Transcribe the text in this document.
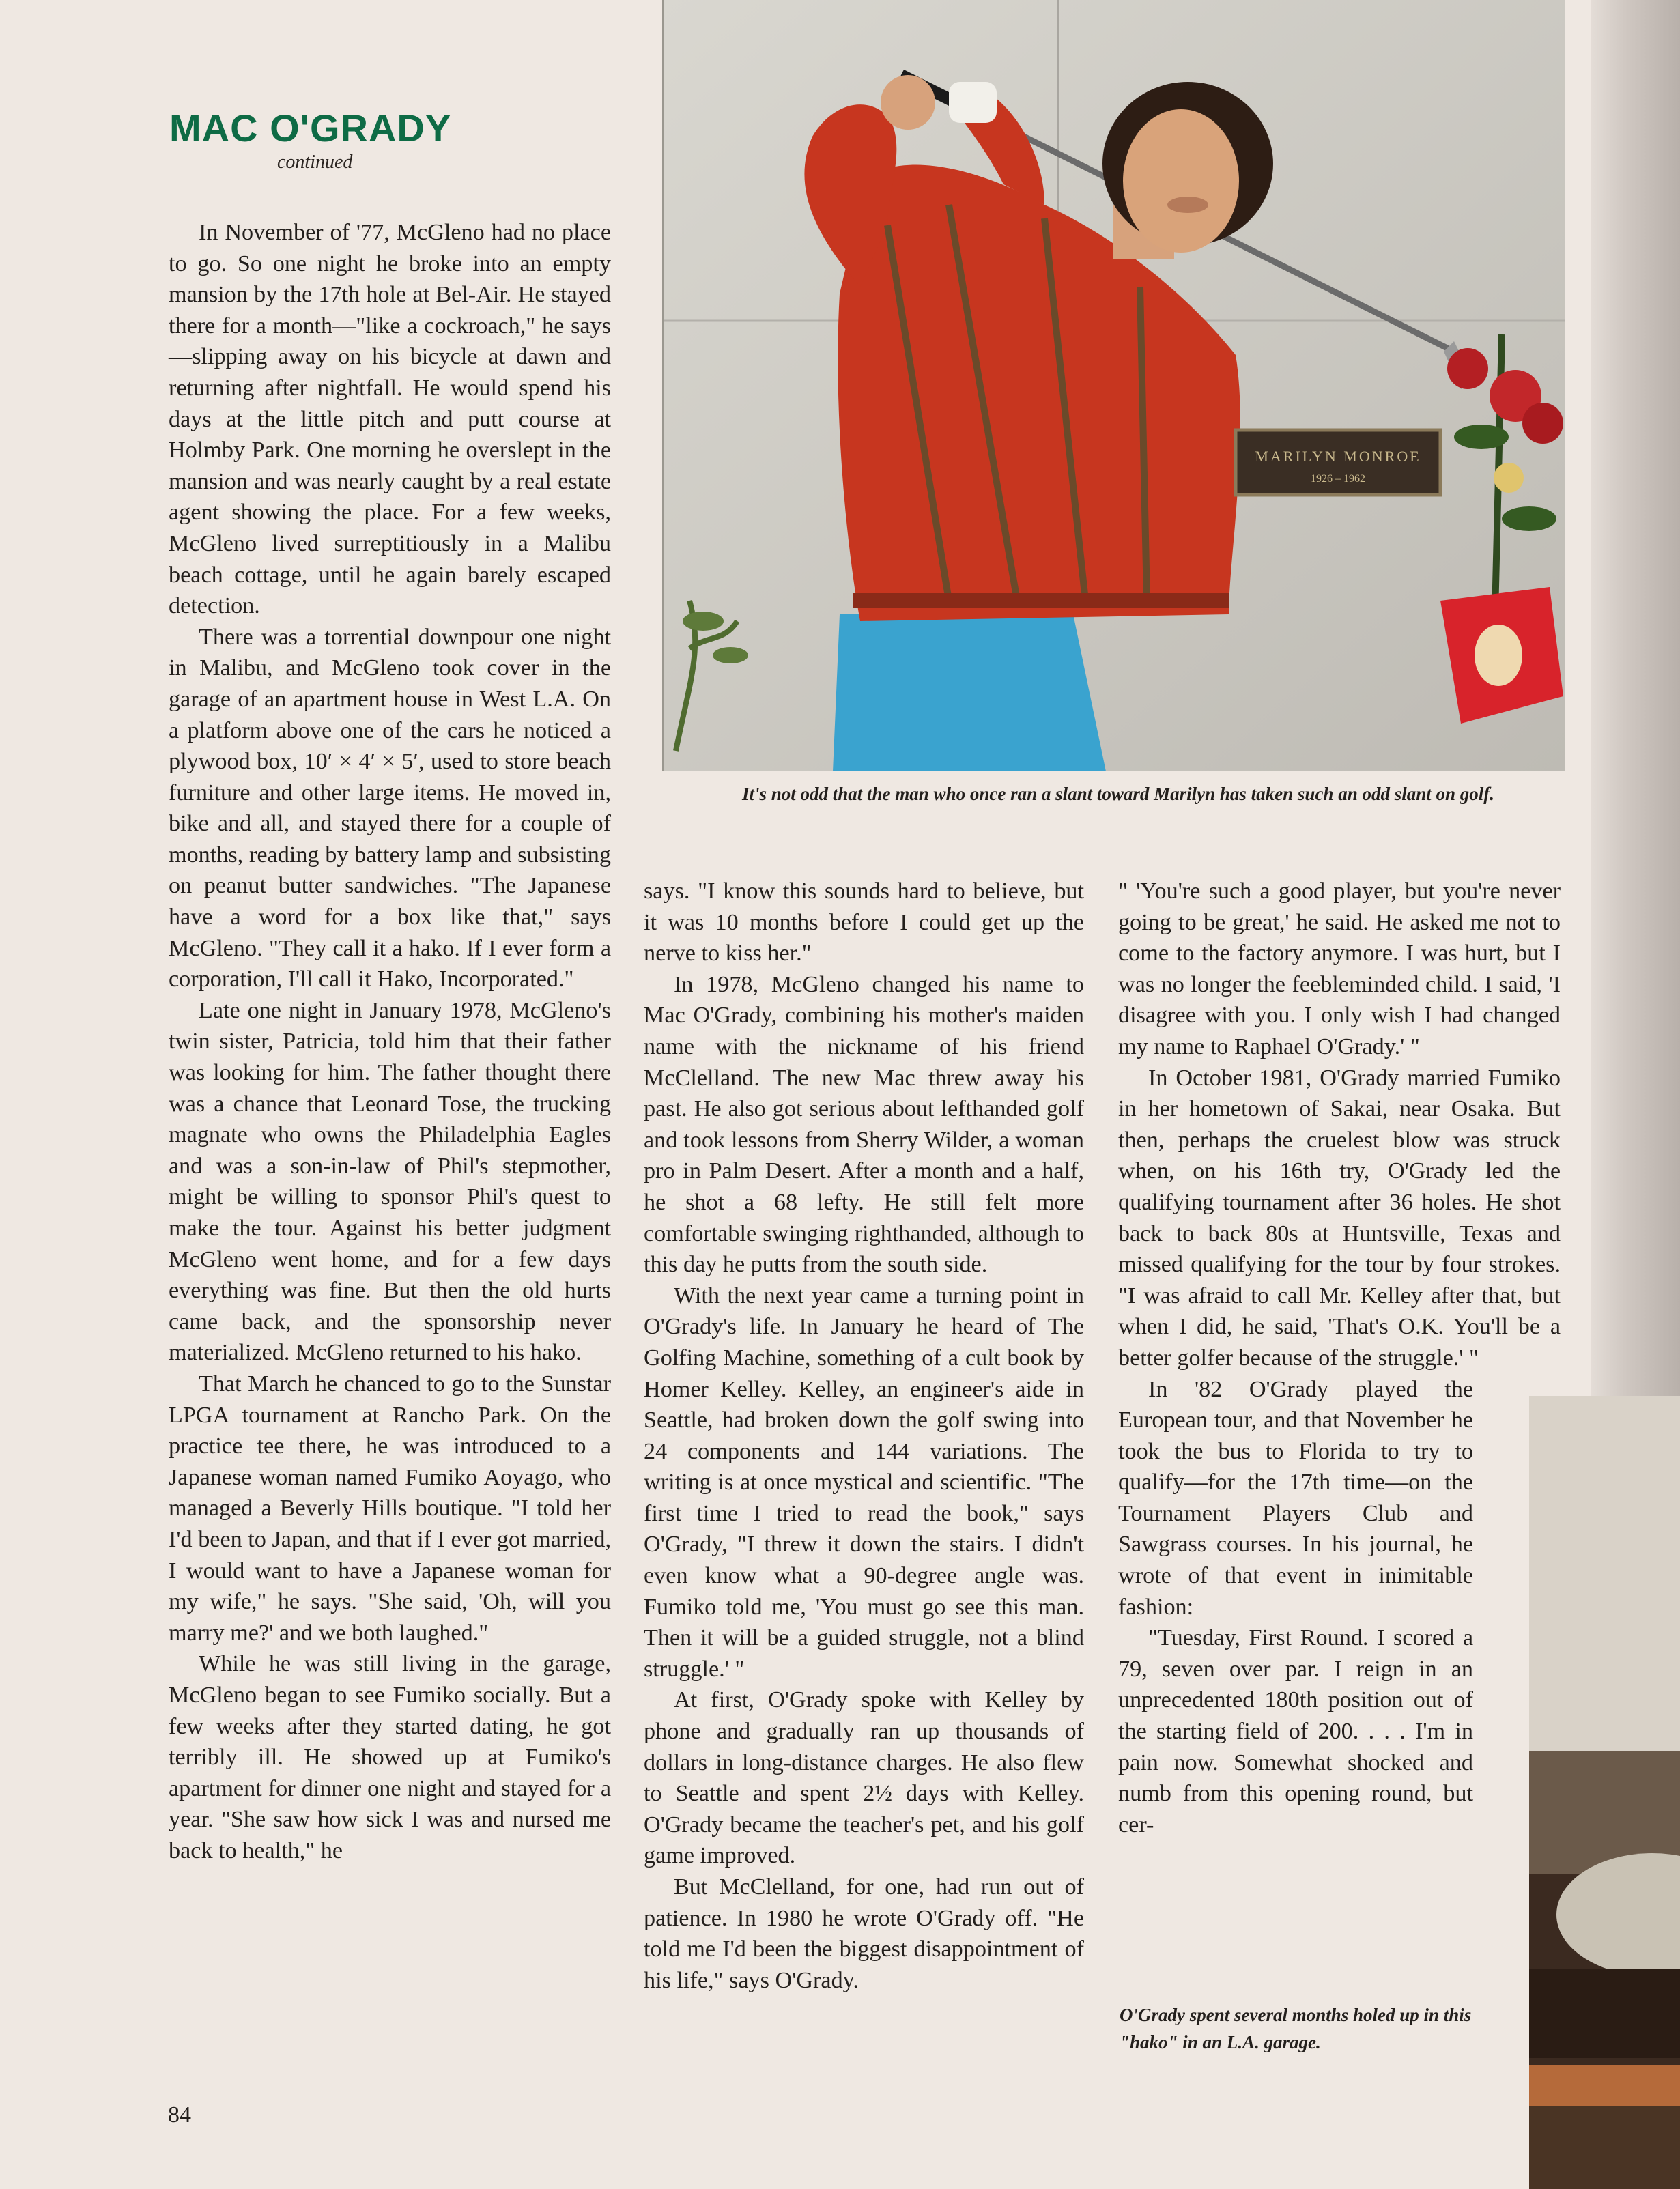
MAC O'GRADY
continued
MARILYN MONROE
1926 – 1962

It's not odd that the man who once ran a slant toward Marilyn has taken such an odd slant on golf.

In November of '77, McGleno had no place to go. So one night he broke into an empty mansion by the 17th hole at Bel-Air. He stayed there for a month—"like a cockroach," he says—slipping away on his bicycle at dawn and returning after nightfall. He would spend his days at the little pitch and putt course at Holmby Park. One morning he overslept in the mansion and was nearly caught by a real estate agent showing the place. For a few weeks, McGleno lived surreptitiously in a Malibu beach cottage, until he again barely escaped detection.

There was a torrential downpour one night in Malibu, and McGleno took cover in the garage of an apartment house in West L.A. On a platform above one of the cars he noticed a plywood box, 10′ × 4′ × 5′, used to store beach furniture and other large items. He moved in, bike and all, and stayed there for a couple of months, reading by battery lamp and subsisting on peanut butter sandwiches. "The Japanese have a word for a box like that," says McGleno. "They call it a hako. If I ever form a corporation, I'll call it Hako, Incorporated."

Late one night in January 1978, McGleno's twin sister, Patricia, told him that their father was looking for him. The father thought there was a chance that Leonard Tose, the trucking magnate who owns the Philadelphia Eagles and was a son-in-law of Phil's stepmother, might be willing to sponsor Phil's quest to make the tour. Against his better judgment McGleno went home, and for a few days everything was fine. But then the old hurts came back, and the sponsorship never materialized. McGleno returned to his hako.

That March he chanced to go to the Sunstar LPGA tournament at Rancho Park. On the practice tee there, he was introduced to a Japanese woman named Fumiko Aoyago, who managed a Beverly Hills boutique. "I told her I'd been to Japan, and that if I ever got married, I would want to have a Japanese woman for my wife," he says. "She said, 'Oh, will you marry me?' and we both laughed."

While he was still living in the garage, McGleno began to see Fumiko socially. But a few weeks after they started dating, he got terribly ill. He showed up at Fumiko's apartment for dinner one night and stayed for a year. "She saw how sick I was and nursed me back to health," he

says. "I know this sounds hard to believe, but it was 10 months before I could get up the nerve to kiss her."

In 1978, McGleno changed his name to Mac O'Grady, combining his mother's maiden name with the nickname of his friend McClelland. The new Mac threw away his past. He also got serious about lefthanded golf and took lessons from Sherry Wilder, a woman pro in Palm Desert. After a month and a half, he shot a 68 lefty. He still felt more comfortable swinging righthanded, although to this day he putts from the south side.

With the next year came a turning point in O'Grady's life. In January he heard of The Golfing Machine, something of a cult book by Homer Kelley. Kelley, an engineer's aide in Seattle, had broken down the golf swing into 24 components and 144 variations. The writing is at once mystical and scientific. "The first time I tried to read the book," says O'Grady, "I threw it down the stairs. I didn't even know what a 90-degree angle was. Fumiko told me, 'You must go see this man. Then it will be a guided struggle, not a blind struggle.' "

At first, O'Grady spoke with Kelley by phone and gradually ran up thousands of dollars in long-distance charges. He also flew to Seattle and spent 2½ days with Kelley. O'Grady became the teacher's pet, and his golf game improved.

But McClelland, for one, had run out of patience. In 1980 he wrote O'Grady off. "He told me I'd been the biggest disappointment of his life," says O'Grady.

" 'You're such a good player, but you're never going to be great,' he said. He asked me not to come to the factory anymore. I was hurt, but I was no longer the feebleminded child. I said, 'I disagree with you. I only wish I had changed my name to Raphael O'Grady.' "

In October 1981, O'Grady married Fumiko in her hometown of Sakai, near Osaka. But then, perhaps the cruelest blow was struck when, on his 16th try, O'Grady led the qualifying tournament after 36 holes. He shot back to back 80s at Huntsville, Texas and missed qualifying for the tour by four strokes. "I was afraid to call Mr. Kelley after that, but when I did, he said, 'That's O.K. You'll be a better golfer because of the struggle.' "

In '82 O'Grady played the European tour, and that November he took the bus to Florida to try to qualify—for the 17th time—on the Tournament Players Club and Sawgrass courses. In his journal, he wrote of that event in inimitable fashion:

"Tuesday, First Round. I scored a 79, seven over par. I reign in an unprecedented 180th position out of the starting field of 200. . . . I'm in pain now. Somewhat shocked and numb from this opening round, but cer-

O'Grady spent several months holed up in this "hako" in an L.A. garage.

84
